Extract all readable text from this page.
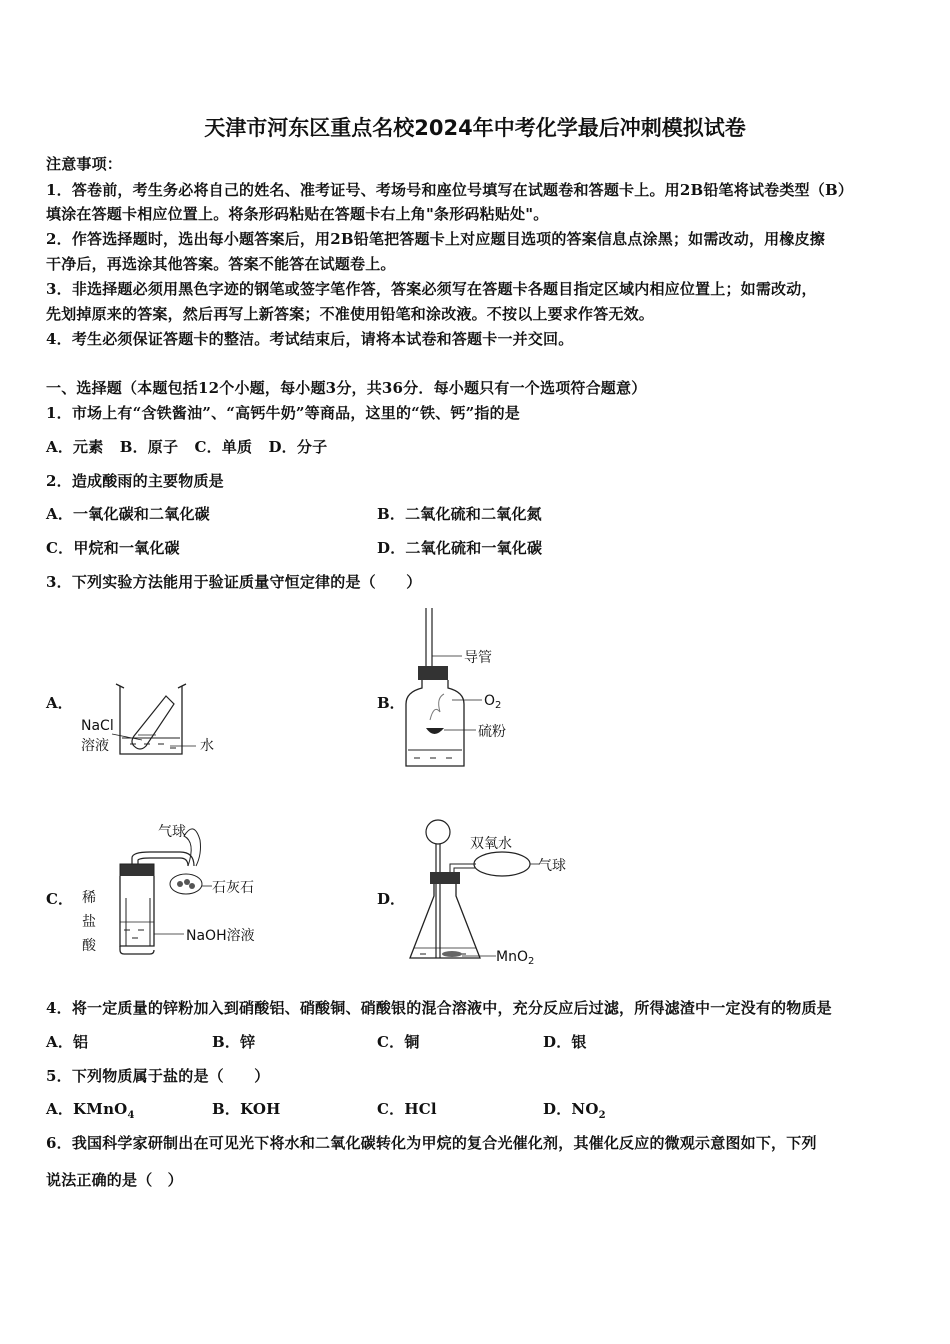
天津市河东区重点名校2024年中考化学最后冲刺模拟试卷
注意事项：
1．答卷前，考生务必将自己的姓名、准考证号、考场号和座位号填写在试题卷和答题卡上。用2B铅笔将试卷类型（B）
填涂在答题卡相应位置上。将条形码粘贴在答题卡右上角"条形码粘贴处"。
2．作答选择题时，选出每小题答案后，用2B铅笔把答题卡上对应题目选项的答案信息点涂黑；如需改动，用橡皮擦
干净后，再选涂其他答案。答案不能答在试题卷上。
3．非选择题必须用黑色字迹的钢笔或签字笔作答，答案必须写在答题卡各题目指定区域内相应位置上；如需改动，
先划掉原来的答案，然后再写上新答案；不准使用铅笔和涂改液。不按以上要求作答无效。
4．考生必须保证答题卡的整洁。考试结束后，请将本试卷和答题卡一并交回。
一、选择题（本题包括12个小题，每小题3分，共36分．每小题只有一个选项符合题意）
1．市场上有“含铁酱油”、“高钙牛奶”等商品，这里的“铁、钙”指的是
A．元素   B．原子   C．单质   D．分子
2．造成酸雨的主要物质是
A．一氧化碳和二氧化碳	B．二氧化硫和二氧化氮
C．甲烷和一氧化碳	D．二氧化硫和一氧化碳
3．下列实验方法能用于验证质量守恒定律的是（　　）
A．	B．
C．	D．
NaCl
溶液	水
导管
$O_2$
硫粉
气球
石灰石
稀
盐
酸
NaOH溶液
双氧水
气球
MnO$_2$
4．将一定质量的锌粉加入到硝酸铝、硝酸铜、硝酸银的混合溶液中，充分反应后过滤，所得滤渣中一定没有的物质是
A．铝	B．锌	C．铜	D．银
5．下列物质属于盐的是（　　）
A．KMnO$_4$	B．KOH	C．HCl	D．$NO_2$
6．我国科学家研制出在可见光下将水和二氧化碳转化为甲烷的复合光催化剂，其催化反应的微观示意图如下，下列
说法正确的是（　）
